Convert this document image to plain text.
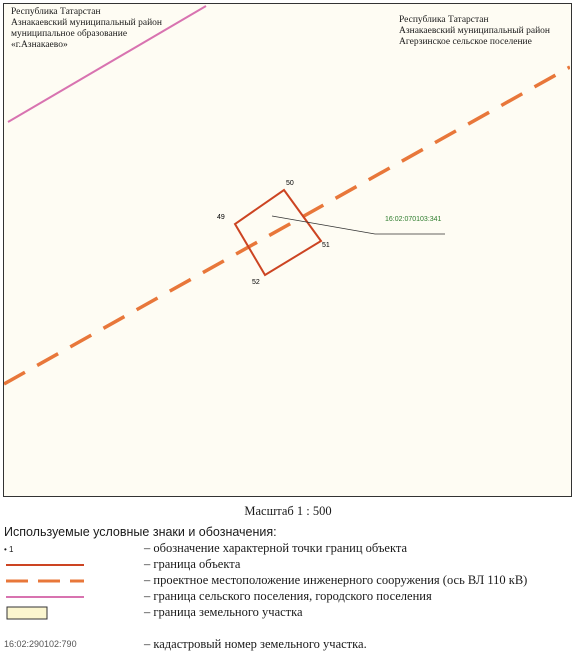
50
49
51
52
16:02:070103:341
Республика Татарстан
Азнакаевский муниципальный район
муниципальное образование
«г.Азнакаево»
Республика Татарстан
Азнакаевский муниципальный район
Агерзинское сельское поселение
Масштаб 1 : 500
Используемые условные знаки и обозначения:
• 1	– обозначение характерной точки границ объекта
– граница объекта
– проектное местоположение инженерного сооружения (ось ВЛ 110 кВ)
– граница сельского поселения, городского поселения
– граница земельного участка
16:02:290102:790	– кадастровый номер земельного участка.
